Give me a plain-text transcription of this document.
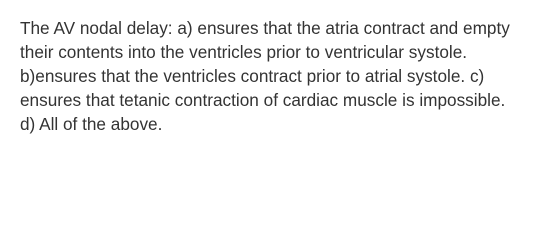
The AV nodal delay: a) ensures that the atria contract and empty
their contents into the ventricles prior to ventricular systole.
b)ensures that the ventricles contract prior to atrial systole. c)
ensures that tetanic contraction of cardiac muscle is impossible.
d) All of the above.
